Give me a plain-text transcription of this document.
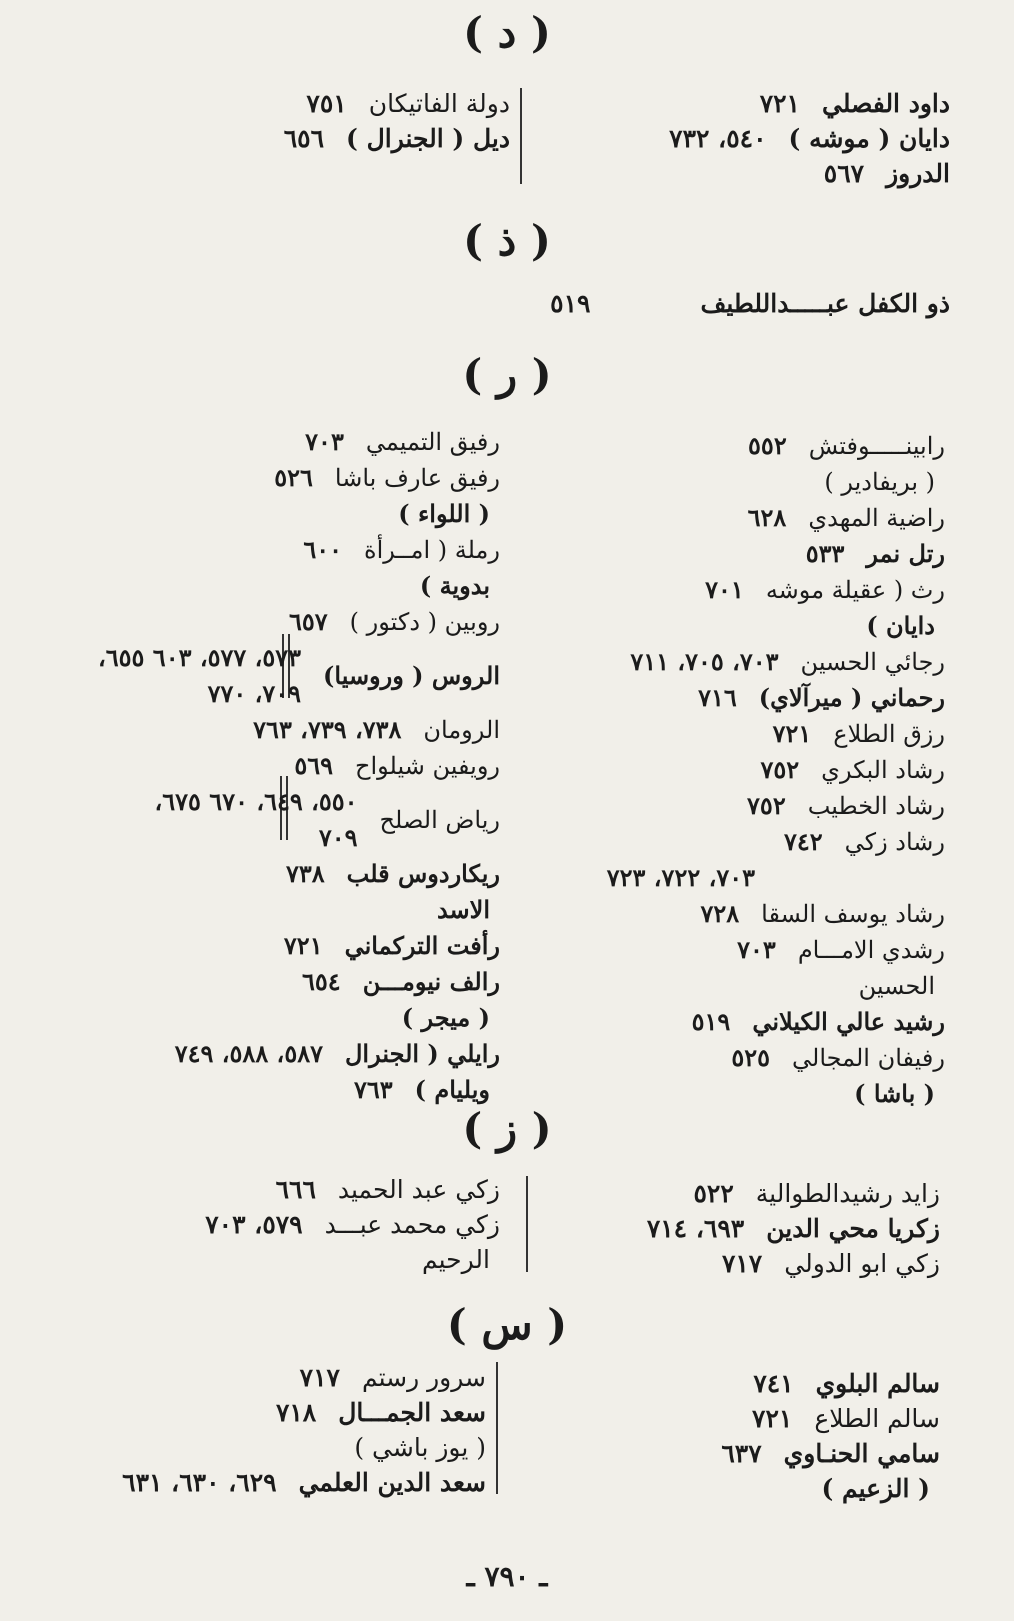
( د )
داود الفصلي
٧٢١
دايان ( موشه )
٥٤٠، ٧٣٢
الدروز
٥٦٧
دولة الفاتيكان
٧٥١
ديل ( الجنرال )
٦٥٦
( ذ )
ذو الكفل عبـــــداللطيف
٥١٩
( ر )
رابينـــــوفتش
٥٥٢
( بريفادير )
راضية المهدي
٦٢٨
رتل نمر
٥٣٣
رث ( عقيلة موشه
٧٠١
دايان )
رجائي الحسين
٧٠٣، ٧٠٥، ٧١١
رحماني ( ميرآلاي)
٧١٦
رزق الطلاع
٧٢١
رشاد البكري
٧٥٢
رشاد الخطيب
٧٥٢
رشاد زكي
٧٤٢
٧٠٣، ٧٢٢، ٧٢٣
رشاد يوسف السقا
٧٢٨
رشدي الامـــام
٧٠٣
الحسين
رشيد عالي الكيلاني
٥١٩
رفيفان المجالي
٥٢٥
( باشا )
رفيق التميمي
٧٠٣
رفيق عارف باشا
٥٢٦
( اللواء )
رملة ( امــرأة
٦٠٠
بدوية )
روبين ( دكتور )
٦٥٧
الروس ( وروسيا)
٥٧٣، ٥٧٧، ٦٠٣ ٦٥٥، ٧٠٩، ٧٧٠
الرومان
٧٣٨، ٧٣٩، ٧٦٣
رويفين شيلواح
٥٦٩
رياض الصلح
٥٥٠، ٦٤٩، ٦٧٠ ٦٧٥، ٧٠٩
ريكاردوس قلب
٧٣٨
الاسد
رأفت التركماني
٧٢١
رالف نيومـــن
٦٥٤
( ميجر )
رايلي ( الجنرال
٥٨٧، ٥٨٨، ٧٤٩
ويليام )
٧٦٣
( ز )
زايد رشيدالطوالية
٥٢٢
زكريا محي الدين
٦٩٣، ٧١٤
زكي ابو الدولي
٧١٧
زكي عبد الحميد
٦٦٦
زكي محمد عبـــد
٥٧٩، ٧٠٣
الرحيم
( س )
سالم البلوي
٧٤١
سالم الطلاع
٧٢١
سامي الحنـاوي
٦٣٧
( الزعيم )
سرور رستم
٧١٧
سعد الجمـــال
٧١٨
( يوز باشي )
سعد الدين العلمي
٦٢٩، ٦٣٠، ٦٣١
ـ ٧٩٠ ـ
